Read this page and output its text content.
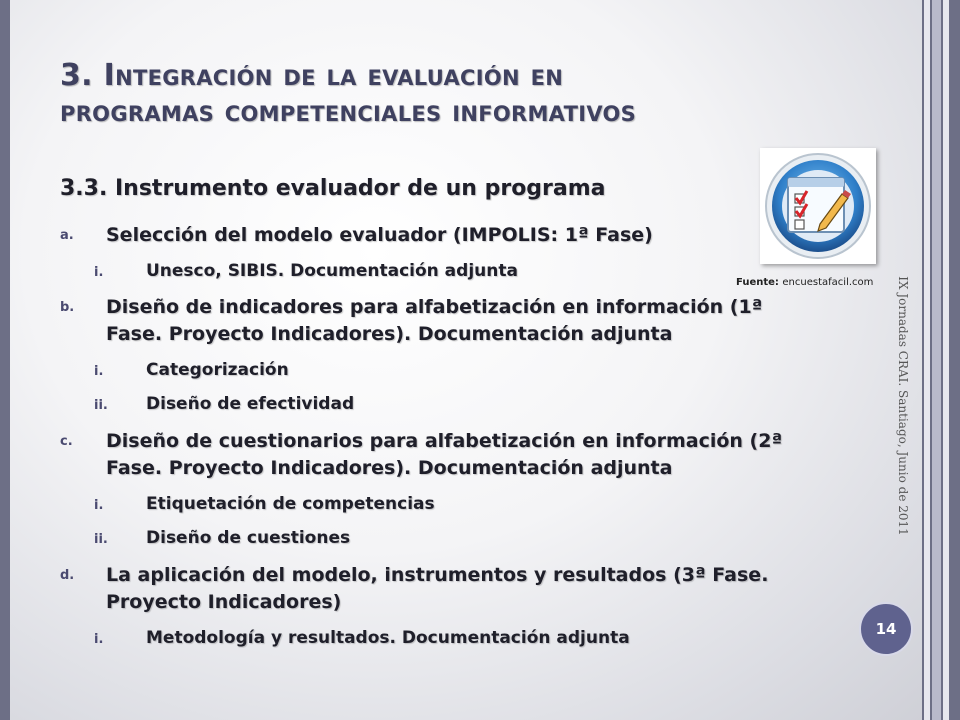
3. Integración de la evaluación en
programas competenciales informativos
3.3. Instrumento evaluador de un programa
a.	Selección del modelo evaluador (IMPOLIS: 1ª Fase)
i.	Unesco, SIBIS. Documentación adjunta
b.	Diseño de indicadores para alfabetización en información (1ª Fase. Proyecto Indicadores). Documentación adjunta
i.	Categorización
ii.	Diseño de efectividad
c.	Diseño de cuestionarios para alfabetización en información (2ª Fase. Proyecto Indicadores). Documentación adjunta
i.	Etiquetación de competencias
ii.	Diseño de cuestiones
d.	La aplicación del modelo, instrumentos y resultados (3ª Fase. Proyecto Indicadores)
i.	Metodología y resultados. Documentación adjunta
Fuente: encuestafacil.com IX Jornadas CRAI. Santiago, Junio de 2011
14
